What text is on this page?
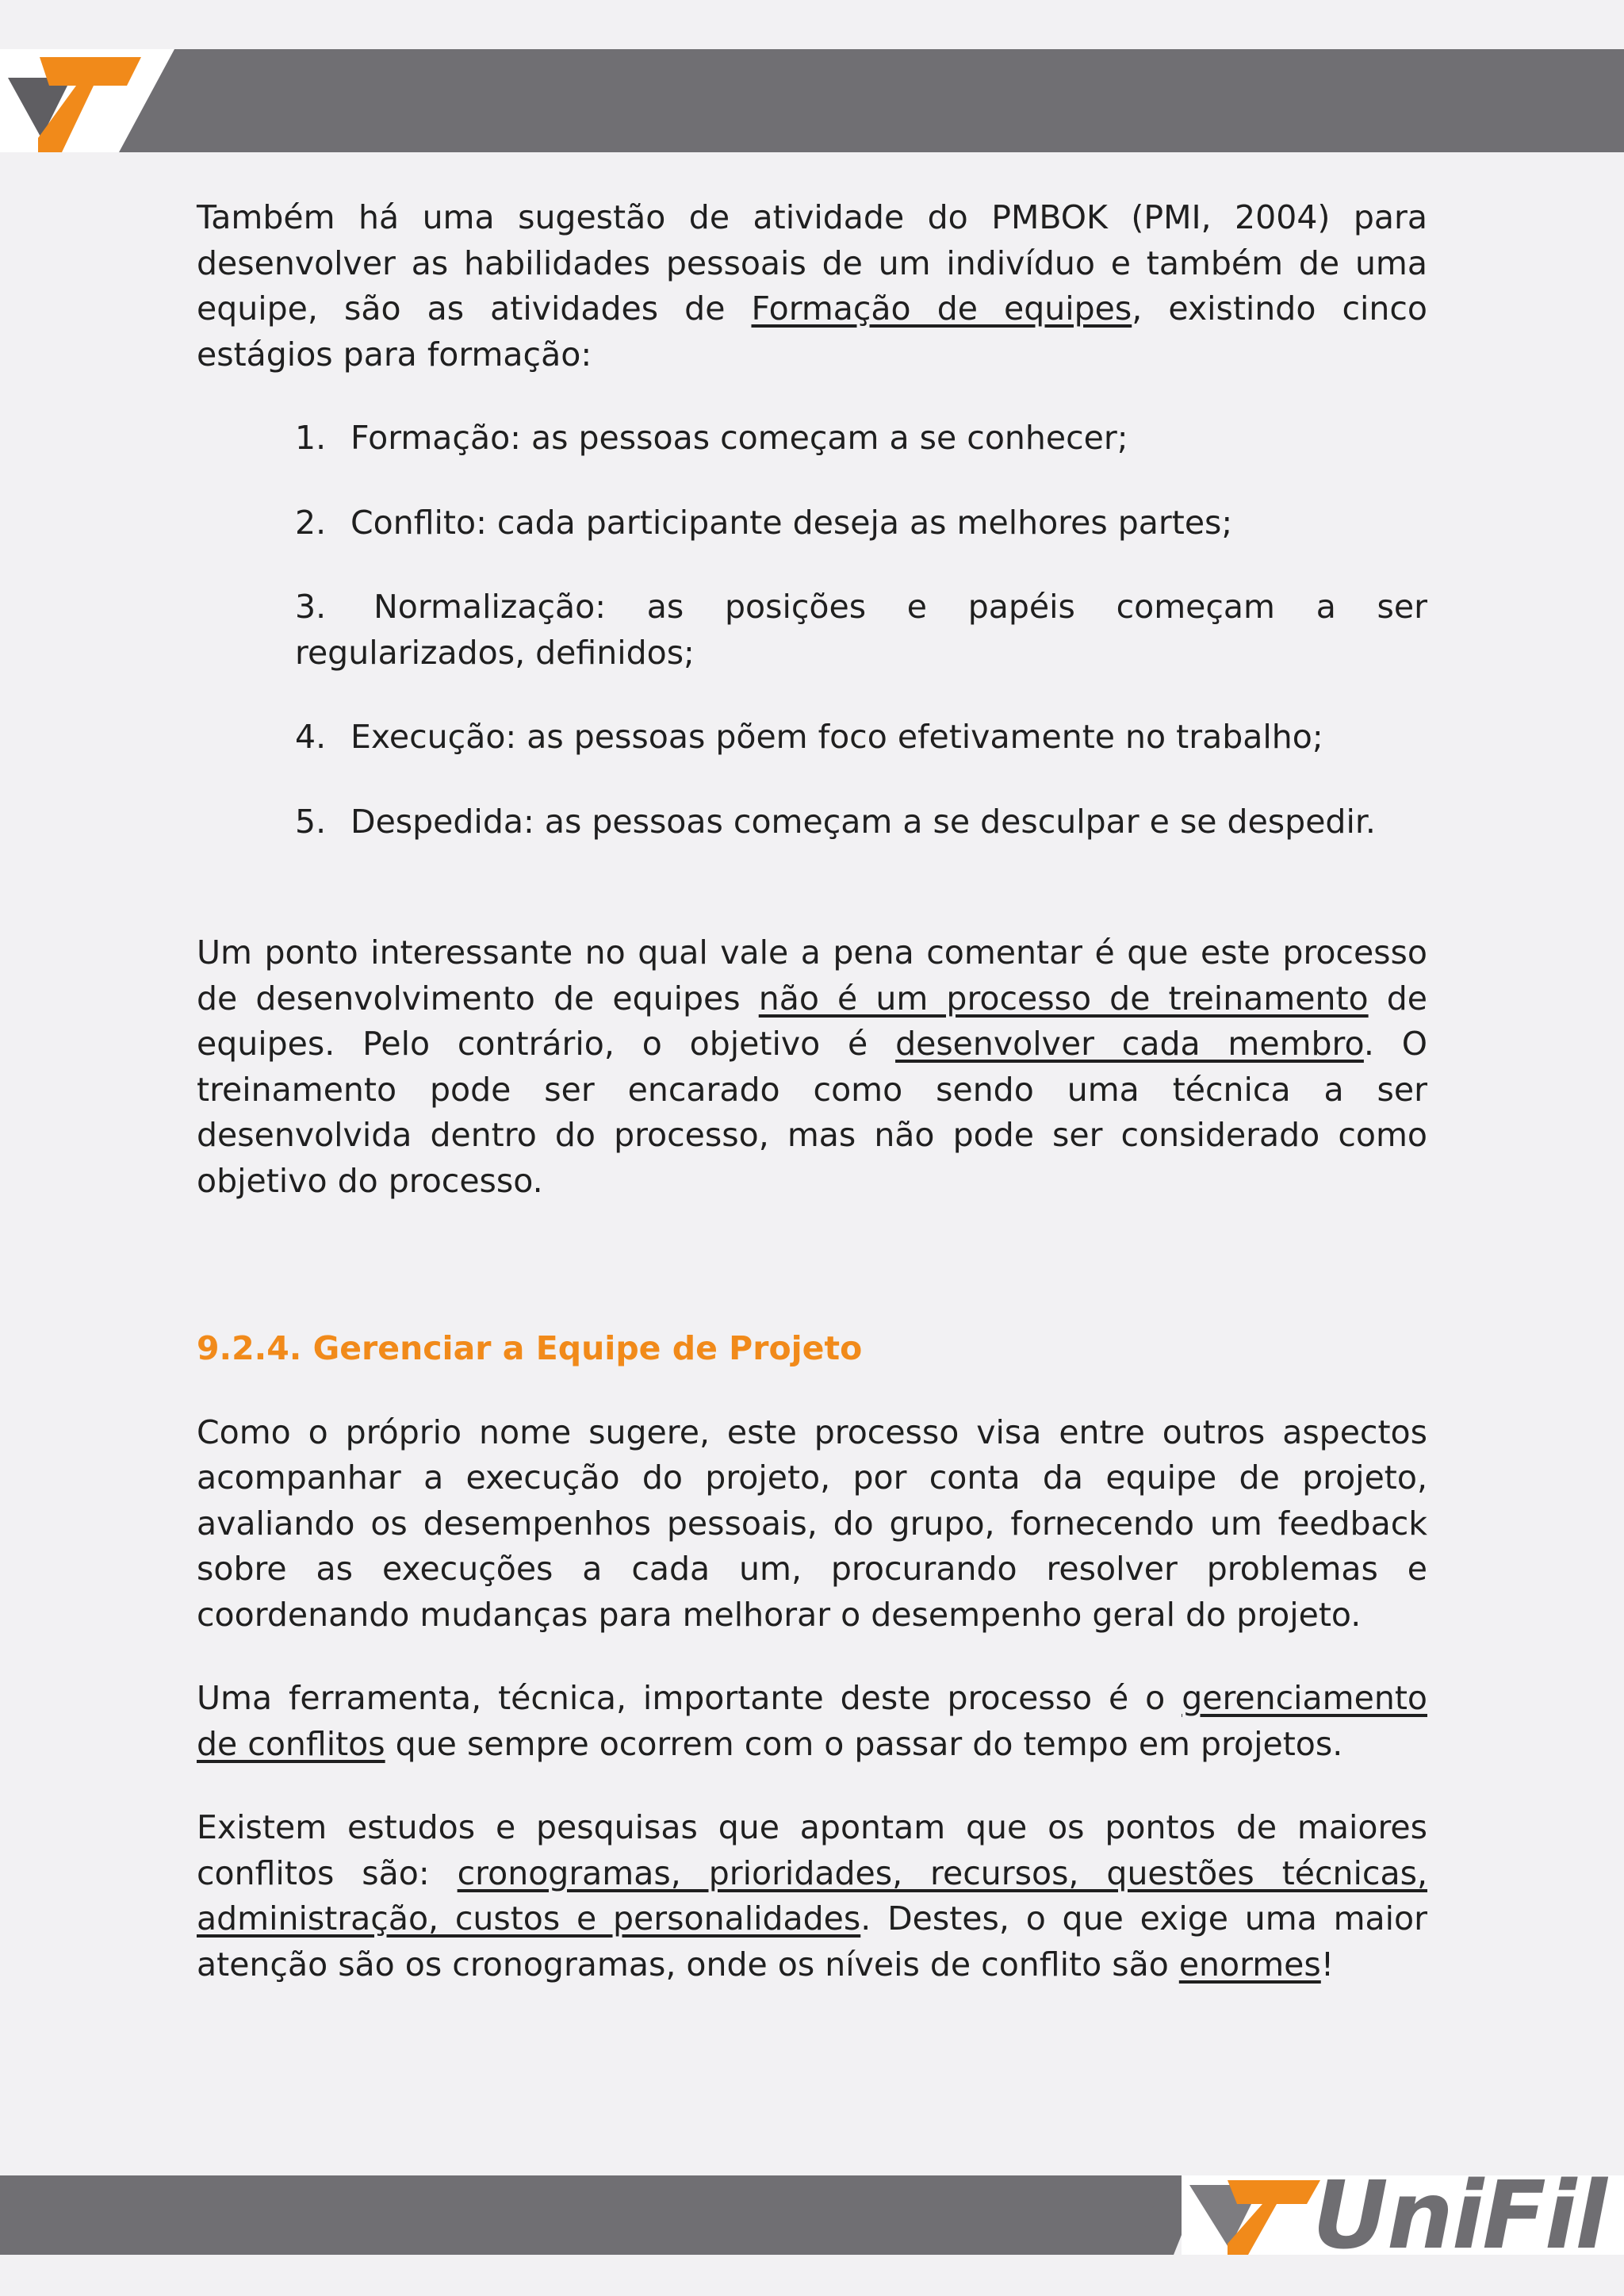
Também há uma sugestão de atividade do PMBOK (PMI, 2004) para desenvolver as habilidades pessoais de um indivíduo e também de uma equipe, são as atividades de Formação de equipes, existindo cinco estágios para formação:

1. Formação: as pessoas começam a se conhecer;
2. Conflito: cada participante deseja as melhores partes;
3. Normalização: as posições e papéis começam a ser regularizados, definidos;
4. Execução: as pessoas põem foco efetivamente no trabalho;
5. Despedida: as pessoas começam a se desculpar e se despedir.

Um ponto interessante no qual vale a pena comentar é que este processo de desenvolvimento de equipes não é um processo de treinamento de equipes. Pelo contrário, o objetivo é desenvolver cada membro. O treinamento pode ser encarado como sendo uma técnica a ser desenvolvida dentro do processo, mas não pode ser considerado como objetivo do processo.

9.2.4. Gerenciar a Equipe de Projeto

Como o próprio nome sugere, este processo visa entre outros aspectos acompanhar a execução do projeto, por conta da equipe de projeto, avaliando os desempenhos pessoais, do grupo, fornecendo um feedback sobre as execuções a cada um, procurando resolver problemas e coordenando mudanças para melhorar o desempenho geral do projeto.

Uma ferramenta, técnica, importante deste processo é o gerenciamento de conflitos que sempre ocorrem com o passar do tempo em projetos.

Existem estudos e pesquisas que apontam que os pontos de maiores conflitos são: cronogramas, prioridades, recursos, questões técnicas, administração, custos e personalidades. Destes, o que exige uma maior atenção são os cronogramas, onde os níveis de conflito são enormes!

UniFil
